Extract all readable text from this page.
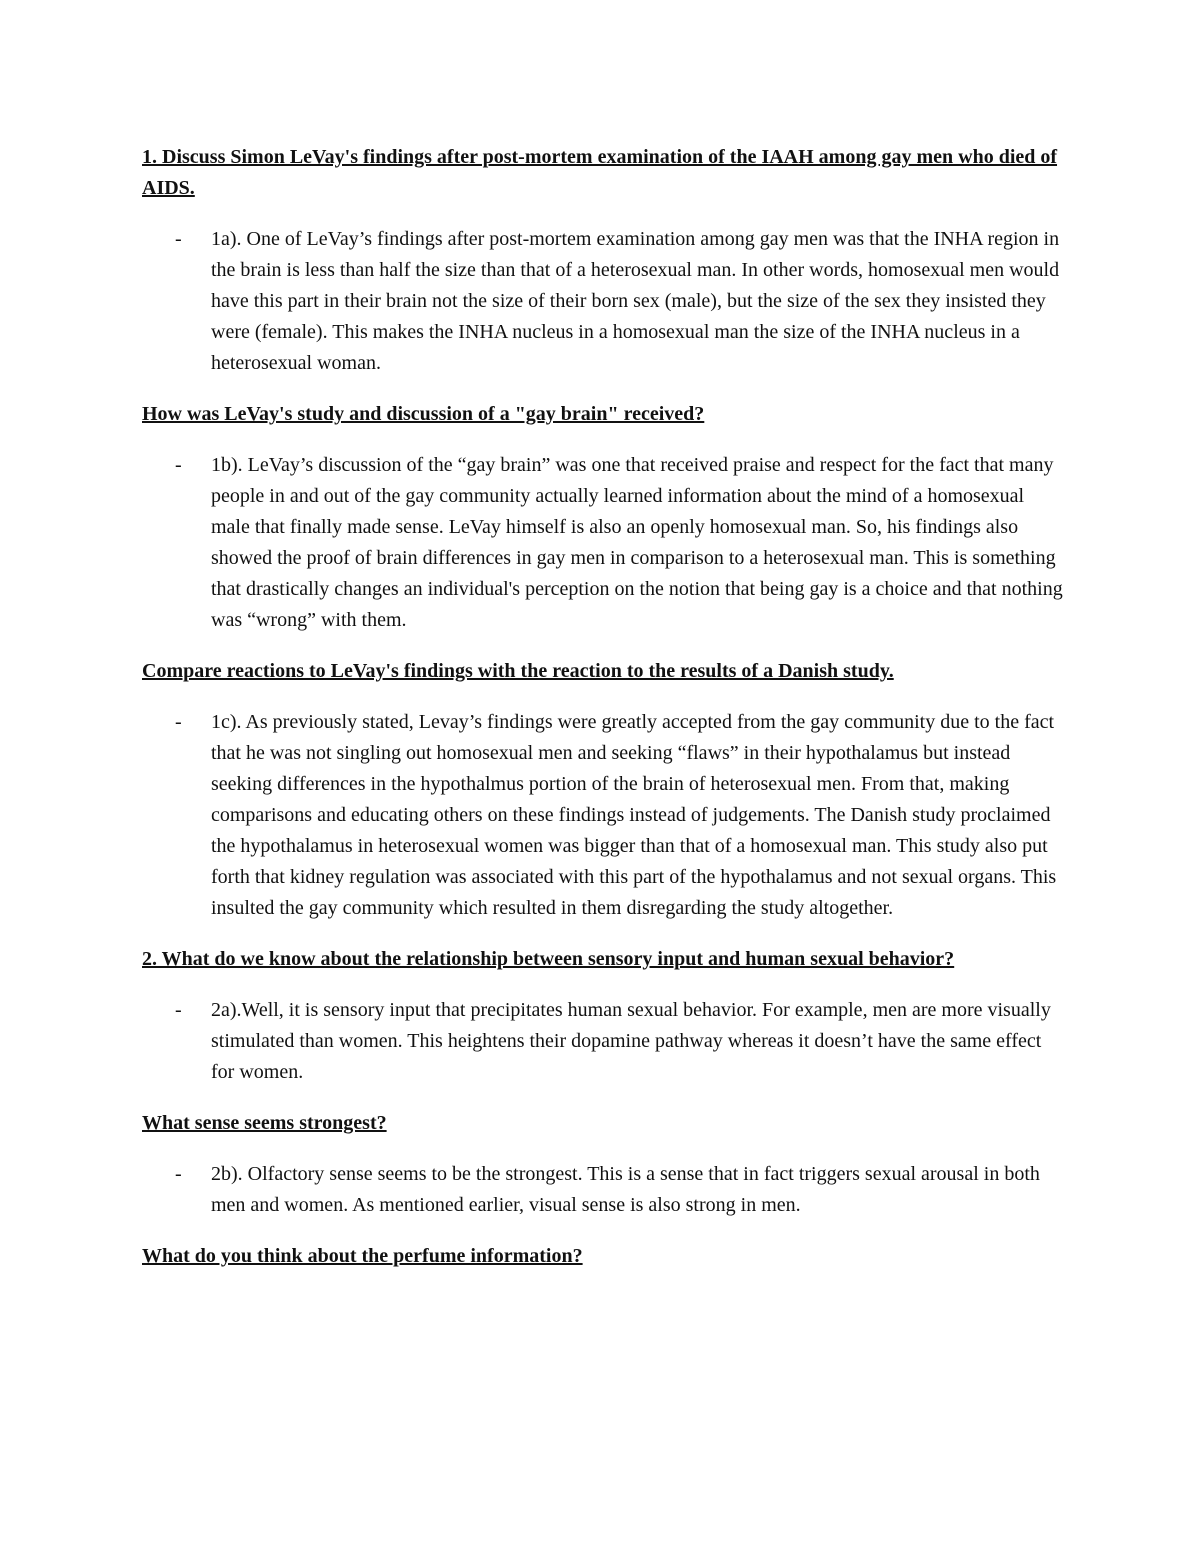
1. Discuss Simon LeVay's findings after post-mortem examination of the IAAH among gay men who died of AIDS.

- 1a). One of LeVay’s findings after post-mortem examination among gay men was that the INHA region in the brain is less than half the size than that of a heterosexual man. In other words, homosexual men would have this part in their brain not the size of their born sex (male), but the size of the sex they insisted they were (female). This makes the INHA nucleus in a homosexual man the size of the INHA nucleus in a heterosexual woman.

How was LeVay's study and discussion of a "gay brain" received?

- 1b). LeVay’s discussion of the “gay brain” was one that received praise and respect for the fact that many people in and out of the gay community actually learned information about the mind of a homosexual male that finally made sense. LeVay himself is also an openly homosexual man. So, his findings also showed the proof of brain differences in gay men in comparison to a heterosexual man. This is something that drastically changes an individual's perception on the notion that being gay is a choice and that nothing was “wrong” with them.

Compare reactions to LeVay's findings with the reaction to the results of a Danish study.

- 1c). As previously stated, Levay’s findings were greatly accepted from the gay community due to the fact that he was not singling out homosexual men and seeking “flaws” in their hypothalamus but instead seeking differences in the hypothalmus portion of the brain of heterosexual men. From that, making comparisons and educating others on these findings instead of judgements. The Danish study proclaimed the hypothalamus in heterosexual women was bigger than that of a homosexual man. This study also put forth that kidney regulation was associated with this part of the hypothalamus and not sexual organs. This insulted the gay community which resulted in them disregarding the study altogether.

2. What do we know about the relationship between sensory input and human sexual behavior?

- 2a).Well, it is sensory input that precipitates human sexual behavior. For example, men are more visually stimulated than women. This heightens their dopamine pathway whereas it doesn’t have the same effect for women.

What sense seems strongest?

- 2b). Olfactory sense seems to be the strongest. This is a sense that in fact triggers sexual arousal in both men and women. As mentioned earlier, visual sense is also strong in men.

What do you think about the perfume information?
